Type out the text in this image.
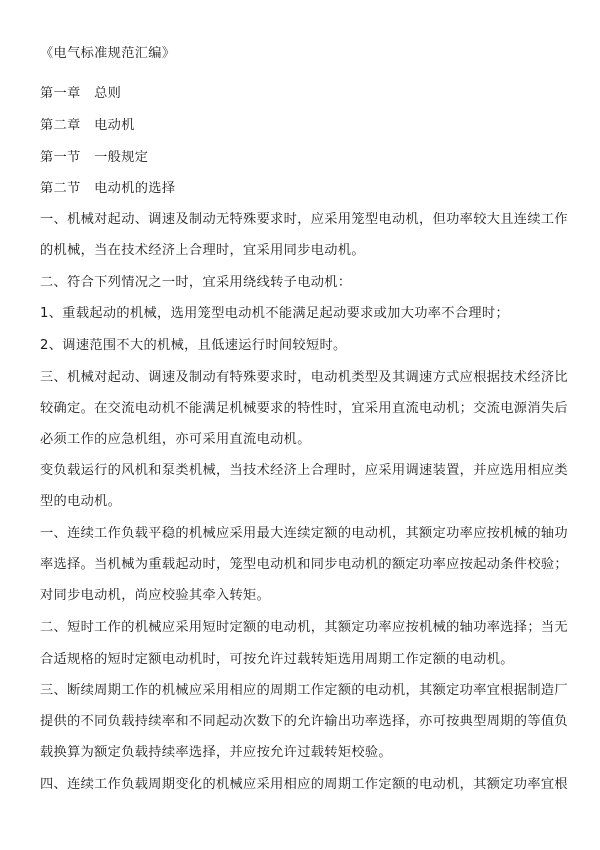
《电气标准规范汇编》
第一章　总则
第二章　电动机
第一节　一般规定
第二节　电动机的选择
一、机械对起动、调速及制动无特殊要求时，应采用笼型电动机，但功率较大且连续工作
的机械，当在技术经济上合理时，宜采用同步电动机。
二、符合下列情况之一时，宜采用绕线转子电动机：
1、重载起动的机械，选用笼型电动机不能满足起动要求或加大功率不合理时；
2、调速范围不大的机械，且低速运行时间较短时。
三、机械对起动、调速及制动有特殊要求时，电动机类型及其调速方式应根据技术经济比
较确定。在交流电动机不能满足机械要求的特性时，宜采用直流电动机；交流电源消失后
必须工作的应急机组，亦可采用直流电动机。
变负载运行的风机和泵类机械，当技术经济上合理时，应采用调速装置，并应选用相应类
型的电动机。
一、连续工作负载平稳的机械应采用最大连续定额的电动机，其额定功率应按机械的轴功
率选择。当机械为重载起动时，笼型电动机和同步电动机的额定功率应按起动条件校验；
对同步电动机，尚应校验其牵入转矩。
二、短时工作的机械应采用短时定额的电动机，其额定功率应按机械的轴功率选择；当无
合适规格的短时定额电动机时，可按允许过载转矩选用周期工作定额的电动机。
三、断续周期工作的机械应采用相应的周期工作定额的电动机，其额定功率宜根据制造厂
提供的不同负载持续率和不同起动次数下的允许输出功率选择，亦可按典型周期的等值负
载换算为额定负载持续率选择，并应按允许过载转矩校验。
四、连续工作负载周期变化的机械应采用相应的周期工作定额的电动机，其额定功率宜根
